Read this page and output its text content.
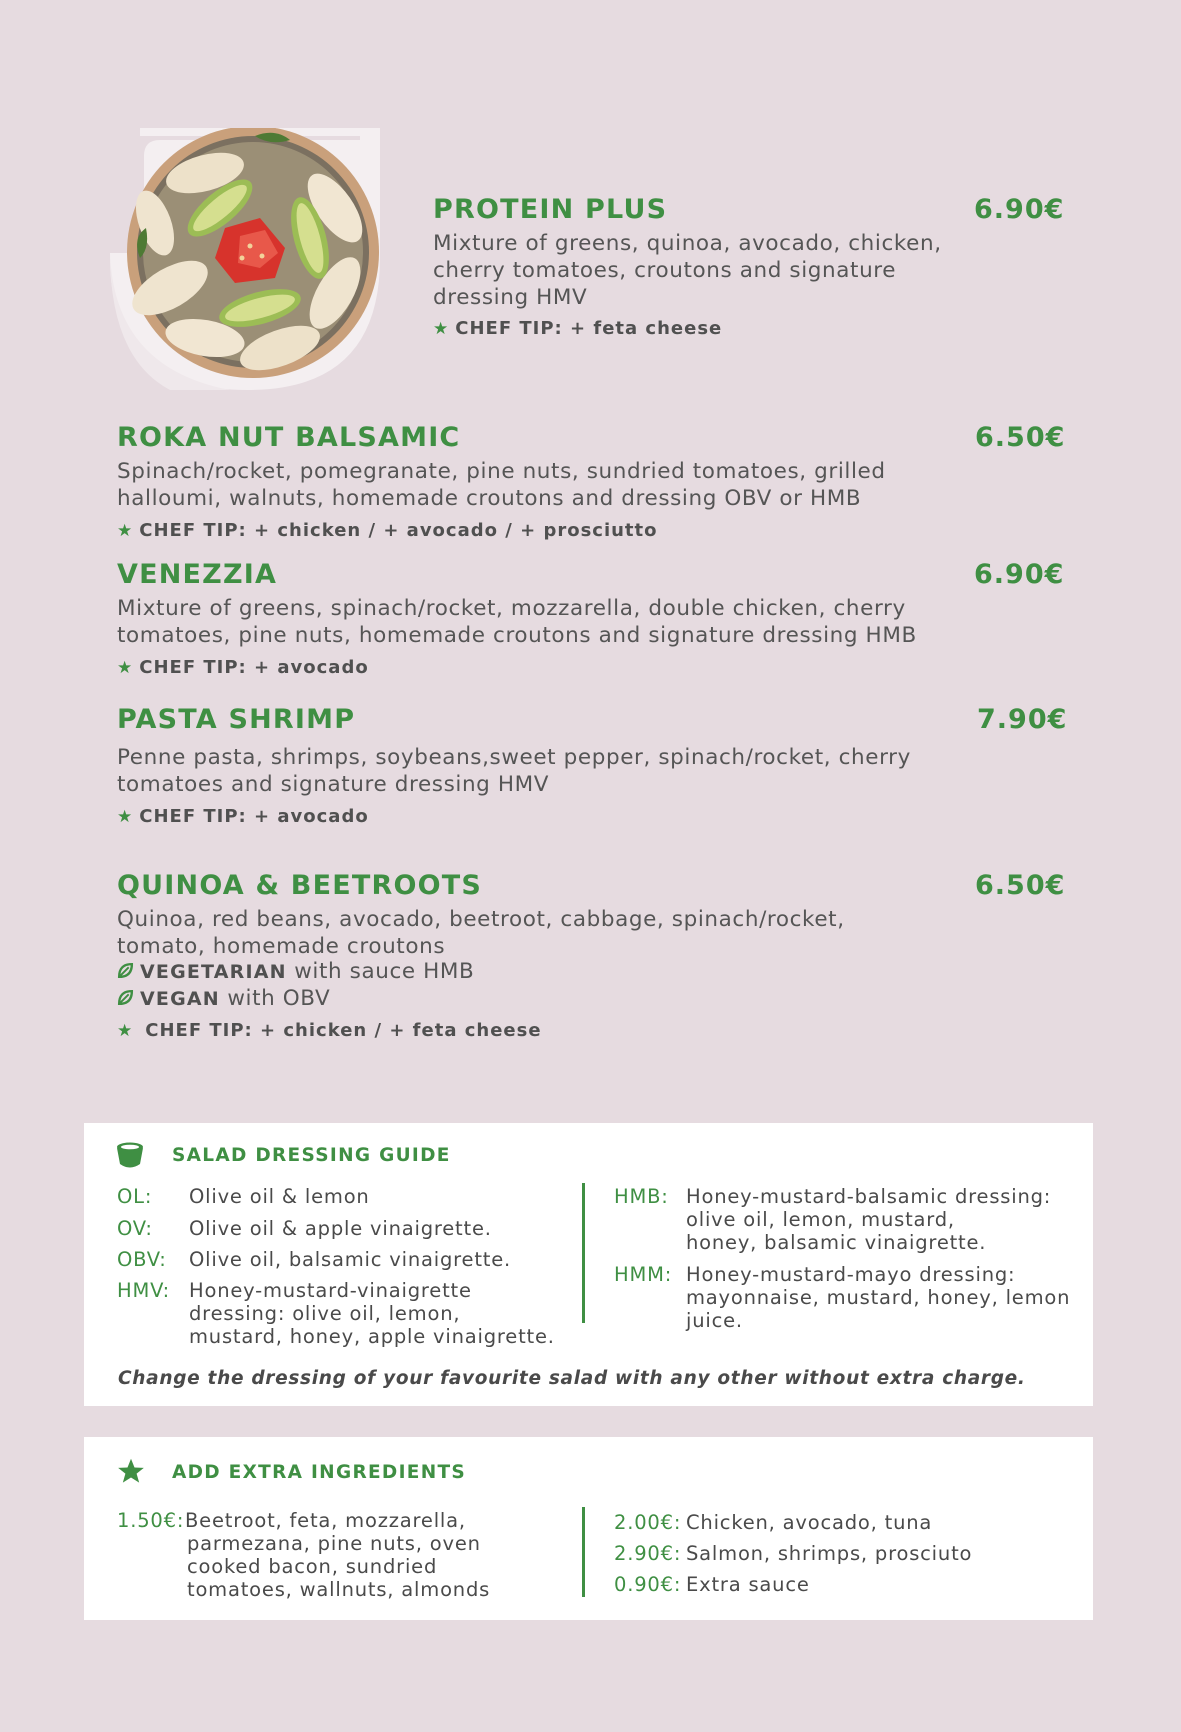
PROTEIN PLUS	6.90€
Mixture of greens, quinoa, avocado, chicken,
cherry tomatoes, croutons and signature
dressing HMV
★ CHEF TIP: + feta cheese
ROKA NUT BALSAMIC	6.50€
Spinach/rocket, pomegranate, pine nuts, sundried tomatoes, grilled
halloumi, walnuts, homemade croutons and dressing OBV or HMB
★ CHEF TIP: + chicken / + avocado / + prosciutto
VENEZZIA	6.90€
Mixture of greens, spinach/rocket, mozzarella, double chicken, cherry
tomatoes, pine nuts, homemade croutons and signature dressing HMB
★ CHEF TIP: + avocado
PASTA SHRIMP	7.90€
Penne pasta, shrimps, soybeans,sweet pepper, spinach/rocket, cherry
tomatoes and signature dressing HMV
★ CHEF TIP: + avocado
QUINOA & BEETROOTS	6.50€
Quinoa, red beans, avocado, beetroot, cabbage, spinach/rocket,
tomato, homemade croutons
VEGETARIAN with sauce HMB
VEGAN with OBV
★ CHEF TIP: + chicken / + feta cheese
SALAD DRESSING GUIDE
OL: Olive oil & lemon
OV: Olive oil & apple vinaigrette.
OBV: Olive oil, balsamic vinaigrette.
HMV: Honey-mustard-vinaigrette
dressing: olive oil, lemon,
mustard, honey, apple vinaigrette.
HMB: Honey-mustard-balsamic dressing:
olive oil, lemon, mustard,
honey, balsamic vinaigrette.
HMM: Honey-mustard-mayo dressing:
mayonnaise, mustard, honey, lemon
juice.
Change the dressing of your favourite salad with any other without extra charge.
ADD EXTRA INGREDIENTS
1.50€: Beetroot, feta, mozzarella,
parmezana, pine nuts, oven
cooked bacon, sundried
tomatoes, wallnuts, almonds
2.00€: Chicken, avocado, tuna
2.90€: Salmon, shrimps, prosciuto
0.90€: Extra sauce
